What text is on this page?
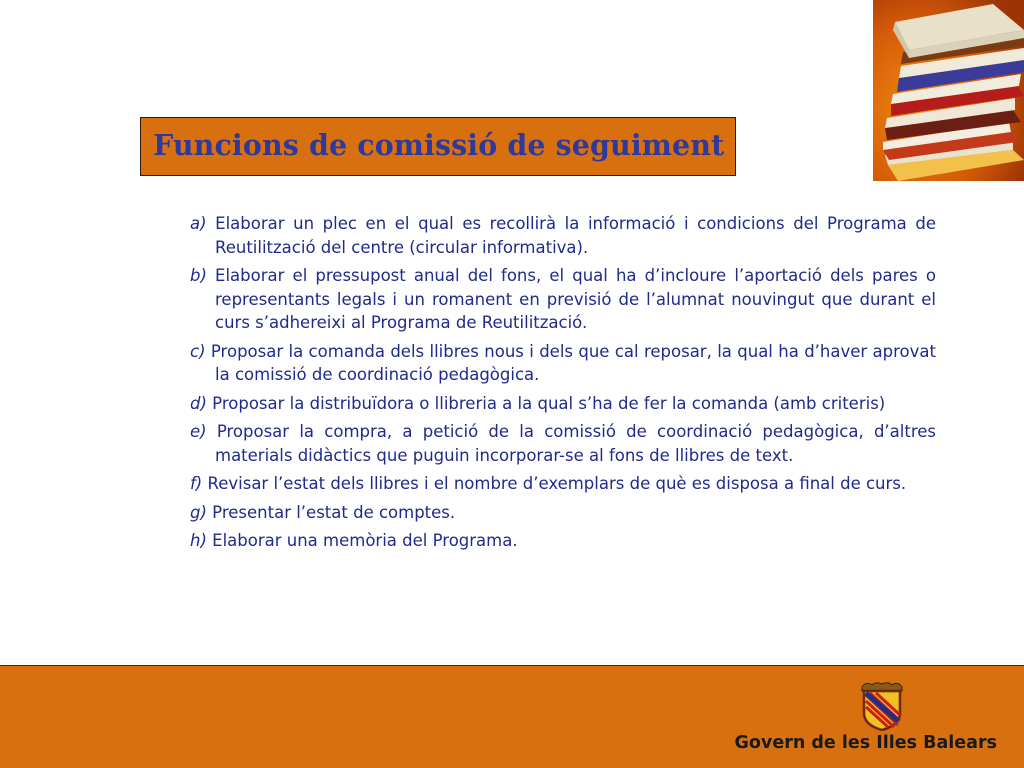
Funcions de comissió de seguiment
a) Elaborar un plec en el qual es recollirà la informació i condicions del Programa de Reutilització del centre (circular informativa).
b) Elaborar el pressupost anual del fons, el qual ha d’incloure l’aportació dels pares o representants legals i un romanent en previsió de l’alumnat nouvingut que durant el curs s’adhereixi al Programa de Reutilització.
c) Proposar la comanda dels llibres nous i dels que cal reposar, la qual ha d’haver aprovat la comissió de coordinació pedagògica.
d) Proposar la distribuïdora o llibreria a la qual s’ha de fer la comanda (amb criteris)
e) Proposar la compra, a petició de la comissió de coordinació pedagògica, d’altres materials didàctics que puguin incorporar-se al fons de llibres de text.
f) Revisar l’estat dels llibres i el nombre d’exemplars de què es disposa a final de curs.
g) Presentar l’estat de comptes.
h) Elaborar una memòria del Programa.
Govern de les Illes Balears
